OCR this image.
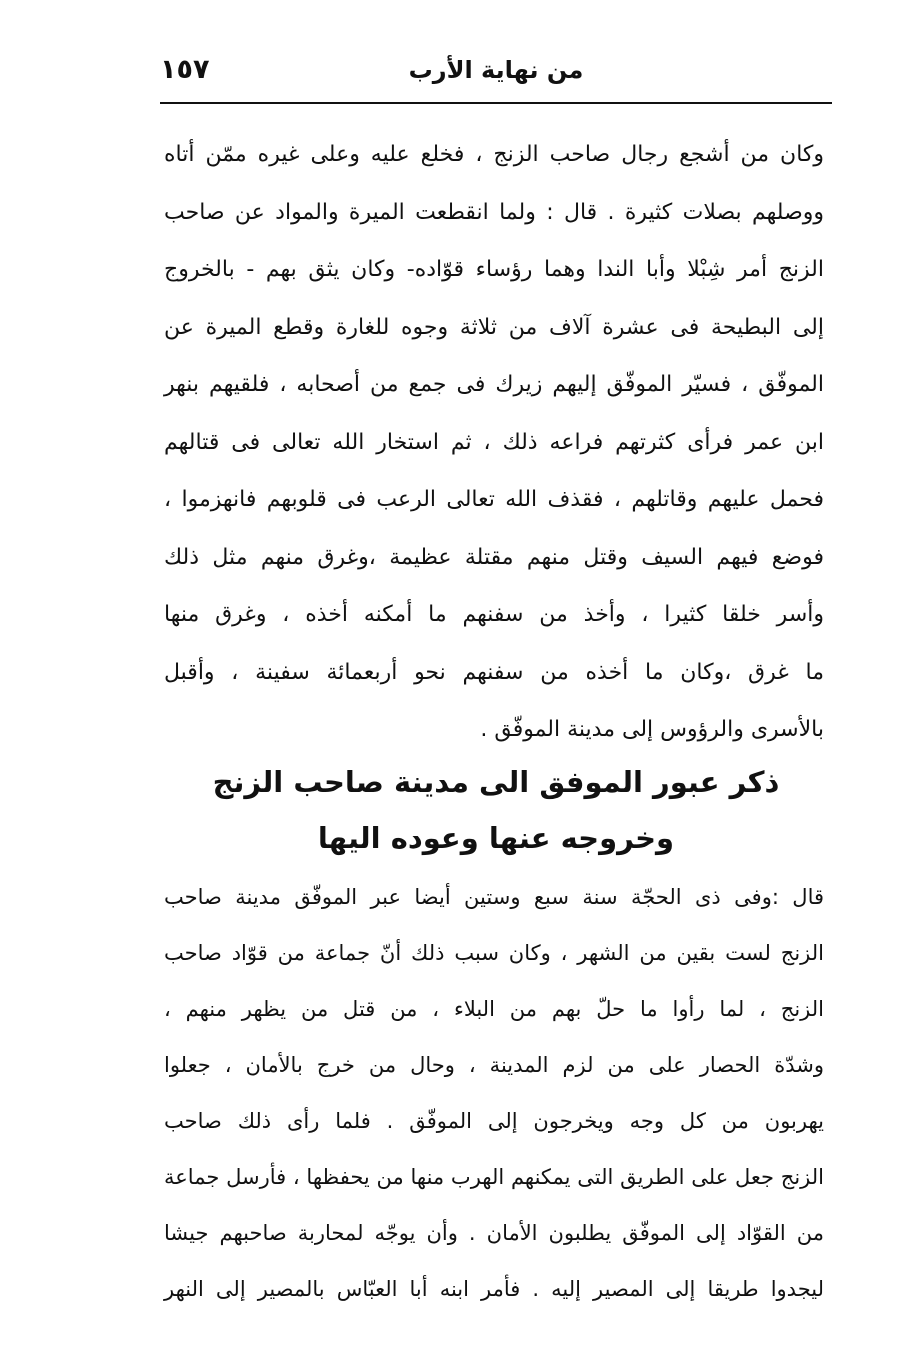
١٥٧	من نهاية الأرب
وكان من أشجع رجال صاحب الزنج ، فخلع عليه وعلى غيره ممّن أتاه
ووصلهم بصلات كثيرة . قال : ولما انقطعت الميرة والمواد عن صاحب
الزنج أمر شِبْلا وأبا الندا وهما رؤساء قوّاده- وكان يثق بهم - بالخروج
إلى البطيحة فى عشرة آلاف من ثلاثة وجوه للغارة وقطع الميرة عن
الموفّق ، فسيّر الموفّق إليهم زيرك فى جمع من أصحابه ، فلقيهم بنهر
ابن عمر فرأى كثرتهم فراعه ذلك ، ثم استخار الله تعالى فى قتالهم
فحمل عليهم وقاتلهم ، فقذف الله تعالى الرعب فى قلوبهم فانهزموا ،
فوضع فيهم السيف وقتل منهم مقتلة عظيمة ،وغرق منهم مثل ذلك
وأسر خلقا كثيرا ، وأخذ من سفنهم ما أمكنه أخذه ، وغرق منها
ما غرق ،وكان ما أخذه من سفنهم نحو أربعمائة سفينة ، وأقبل
بالأسرى والرؤوس إلى مدينة الموفّق .
ذكر عبور الموفق الى مدينة صاحب الزنج
وخروجه عنها وعوده اليها
قال :وفى ذى الحجّة سنة سبع وستين أيضا عبر الموفّق مدينة صاحب
الزنج لست بقين من الشهر ، وكان سبب ذلك أنّ جماعة من قوّاد صاحب
الزنج ، لما رأوا ما حلّ بهم من البلاء ، من قتل من يظهر منهم ،
وشدّة الحصار على من لزم المدينة ، وحال من خرج بالأمان ، جعلوا
يهربون من كل وجه ويخرجون إلى الموفّق . فلما رأى ذلك صاحب
الزنج جعل على الطريق التى يمكنهم الهرب منها من يحفظها ، فأرسل جماعة
من القوّاد إلى الموفّق يطلبون الأمان . وأن يوجّه لمحاربة صاحبهم جيشا
ليجدوا طريقا إلى المصير إليه . فأمر ابنه أبا العبّاس بالمصير إلى النهر
